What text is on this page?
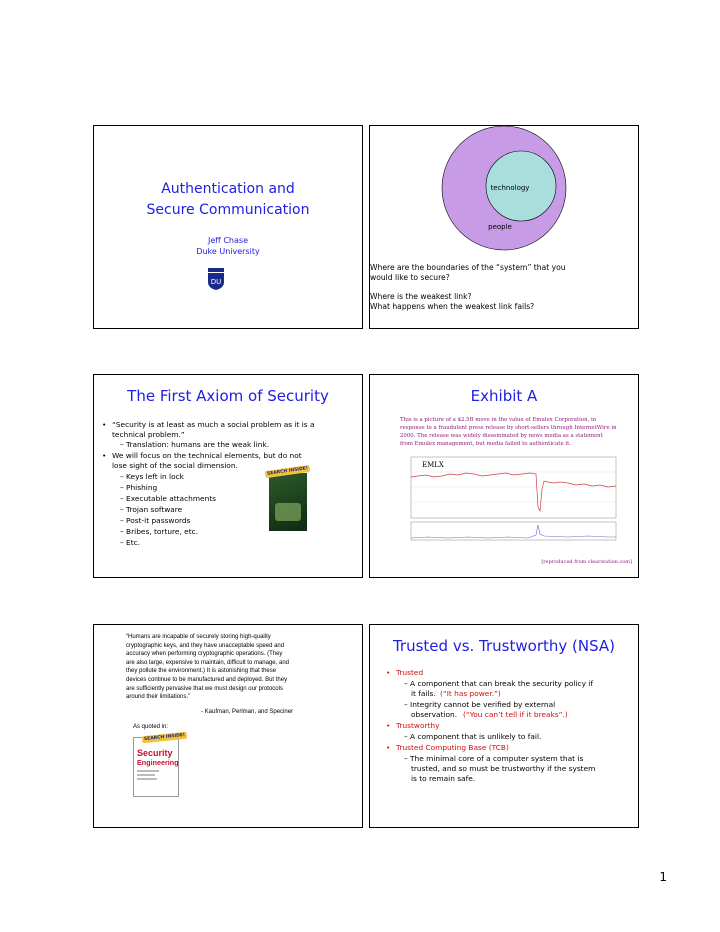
Authentication and
Secure Communication
Jeff Chase
Duke University
DU
technology
people
Where are the boundaries of the “system” that you
would like to secure?
Where is the weakest link?
What happens when the weakest link fails?
The First Axiom of Security
• “Security is at least as much a social problem as it is a
technical problem.”
– Translation: humans are the weak link.
• We will focus on the technical elements, but do not
lose sight of the social dimension.
– Keys left in lock
– Phishing
– Executable attachments
– Trojan software
– Post-it passwords
– Bribes, torture, etc.
– Etc.
SEARCH INSIDE!
Exhibit A
This is a picture of a $2.5B move in the value of Emulex Corporation, in
response to a fraudulent press release by short-sellers through InternetWire in
2000. The release was widely disseminated by news media as a statement
from Emulex management, but media failed to authenticate it.
EMLX
[reproduced from clearstation.com]
“Humans are incapable of securely storing high-quality
cryptographic keys, and they have unacceptable speed and
accuracy when performing cryptographic operations. (They
are also large, expensive to maintain, difficult to manage, and
they pollute the environment.) It is astonishing that these
devices continue to be manufactured and deployed. But they
are sufficiently pervasive that we must design our protocols
around their limitations.”
- Kaufman, Perlman, and Speciner
As quoted in:
SEARCH INSIDE!
Security
Engineering
Trusted vs. Trustworthy (NSA)
• Trusted
– A component that can break the security policy if
it fails. (“It has power.”)
– Integrity cannot be verified by external
observation. (“You can’t tell if it breaks”.)
• Trustworthy
– A component that is unlikely to fail.
• Trusted Computing Base (TCB)
– The minimal core of a computer system that is
trusted, and so must be trustworthy if the system
is to remain safe.
1
